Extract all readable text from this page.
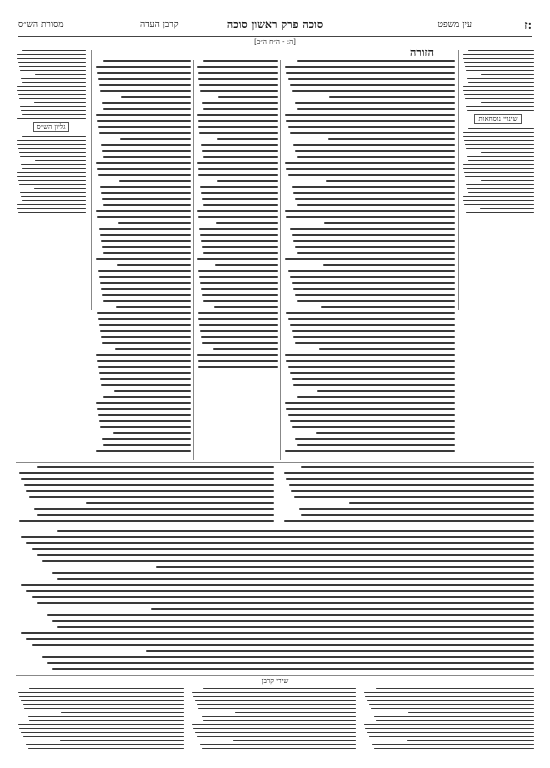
ז:
עין משפט
סוכה פרק ראשון סוכה
קרבן העדה
מסורת הש״ס
[ה: - ה״ח ה״ב]
שינויי נוסחאות
גליון הש״ס
הזורה
שירי קרבן
